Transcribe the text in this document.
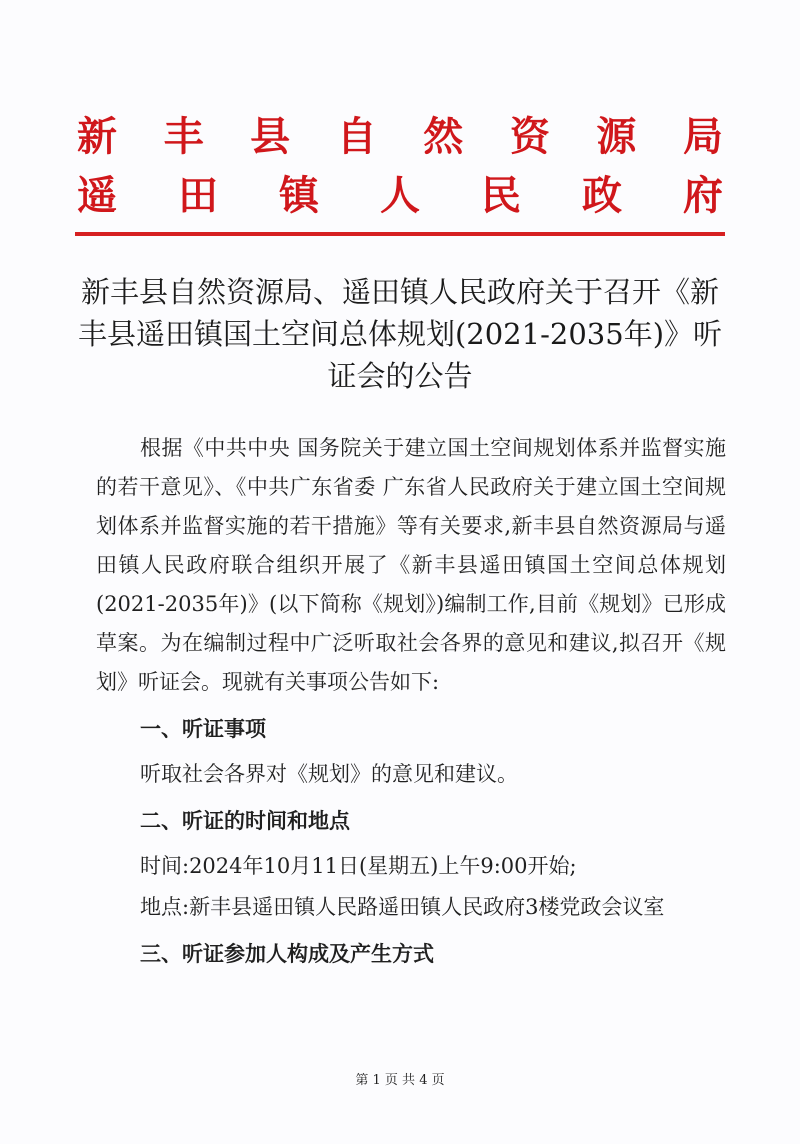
新 丰 县 自 然 资 源 局
遥 田 镇 人 民 政 府
新丰县自然资源局、遥田镇人民政府关于召开《新丰县遥田镇国土空间总体规划(2021-2035年)》听证会的公告

根据《中共中央 国务院关于建立国土空间规划体系并监督实施的若干意见》、《中共广东省委 广东省人民政府关于建立国土空间规划体系并监督实施的若干措施》等有关要求,新丰县自然资源局与遥田镇人民政府联合组织开展了《新丰县遥田镇国土空间总体规划(2021-2035年)》(以下简称《规划》)编制工作,目前《规划》已形成草案。为在编制过程中广泛听取社会各界的意见和建议,拟召开《规划》听证会。现就有关事项公告如下:

一、听证事项

听取社会各界对《规划》的意见和建议。

二、听证的时间和地点

时间:2024年10月11日(星期五)上午9:00开始;

地点:新丰县遥田镇人民路遥田镇人民政府3楼党政会议室

三、听证参加人构成及产生方式

第 1 页 共 4 页
